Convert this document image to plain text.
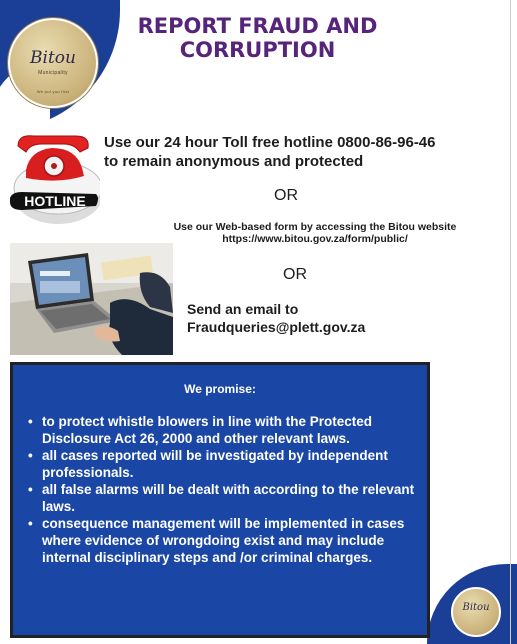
Bitou
Municipality
We put you first
REPORT FRAUD AND
CORRUPTION
HOTLINE
Use our 24 hour Toll free hotline 0800-86-96-46
to remain anonymous and protected
OR
Use our Web-based form by accessing the Bitou website
https://www.bitou.gov.za/form/public/
OR
Send an email to
Fraudqueries@plett.gov.za
We promise:
• to protect whistle blowers in line with the Protected Disclosure Act 26, 2000 and other relevant laws.
• all cases reported will be investigated by independent professionals.
• all false alarms will be dealt with according to the relevant laws.
• consequence management will be implemented in cases where evidence of wrongdoing exist and may include internal disciplinary steps and /or criminal charges.
Bitou
